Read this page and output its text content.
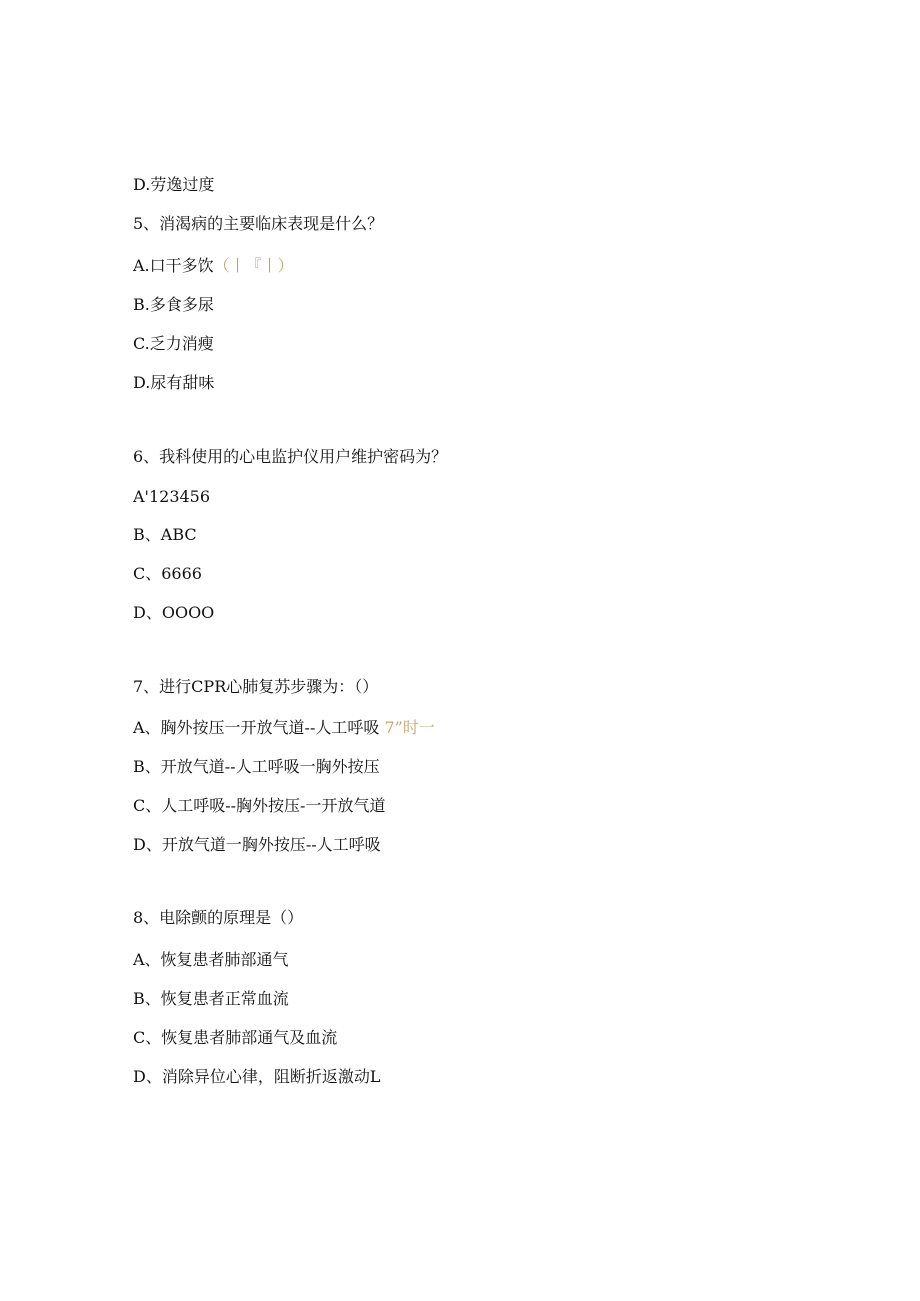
D.劳逸过度

5、消渴病的主要临床表现是什么？

A.口干多饮（丨『丨）

B.多食多尿

C.乏力消瘦

D.尿有甜味

6、我科使用的心电监护仪用户维护密码为？

A'123456

B、ABC

C、6666

D、OOOO

7、进行CPR心肺复苏步骤为：（）

A、胸外按压一开放气道--人工呼吸 7”时一

B、开放气道--人工呼吸一胸外按压

C、人工呼吸--胸外按压-一开放气道

D、开放气道一胸外按压--人工呼吸

8、电除颤的原理是（）

A、恢复患者肺部通气

B、恢复患者正常血流

C、恢复患者肺部通气及血流

D、消除异位心律，阻断折返激动L
